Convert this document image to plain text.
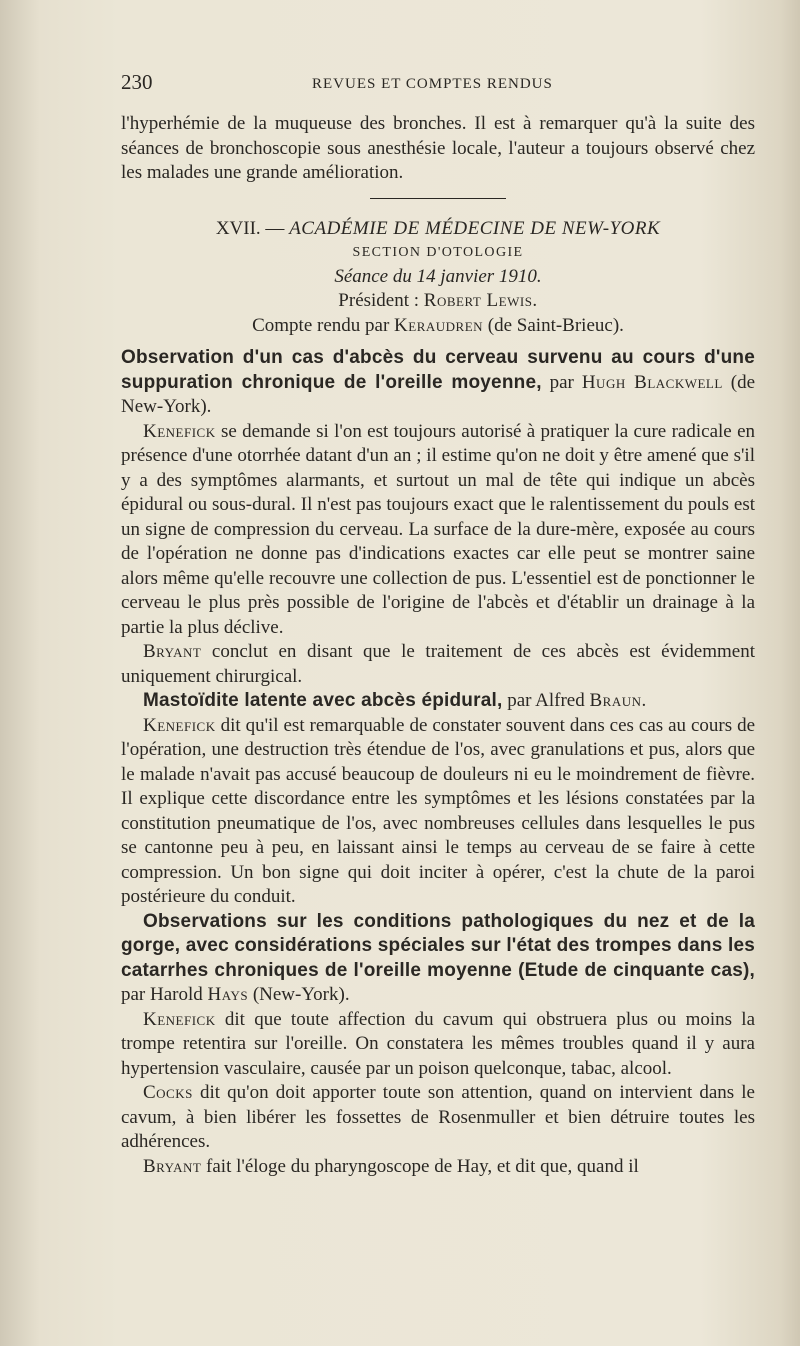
230	REVUES ET COMPTES RENDUS

l'hyperhémie de la muqueuse des bronches. Il est à remarquer qu'à la suite des séances de bronchoscopie sous anesthésie locale, l'auteur a toujours observé chez les malades une grande amélioration.

XVII. — ACADÉMIE DE MÉDECINE DE NEW-YORK
SECTION D'OTOLOGIE
Séance du 14 janvier 1910.
Président : Robert Lewis.
Compte rendu par Keraudren (de Saint-Brieuc).

Observation d'un cas d'abcès du cerveau survenu au cours d'une suppuration chronique de l'oreille moyenne, par Hugh Blackwell (de New-York).

Kenefick se demande si l'on est toujours autorisé à pratiquer la cure radicale en présence d'une otorrhée datant d'un an ; il estime qu'on ne doit y être amené que s'il y a des symptômes alarmants, et surtout un mal de tête qui indique un abcès épidural ou sous-dural. Il n'est pas toujours exact que le ralentissement du pouls est un signe de compression du cerveau. La surface de la dure-mère, exposée au cours de l'opération ne donne pas d'indications exactes car elle peut se montrer saine alors même qu'elle recouvre une collection de pus. L'essentiel est de ponctionner le cerveau le plus près possible de l'origine de l'abcès et d'établir un drainage à la partie la plus déclive.

Bryant conclut en disant que le traitement de ces abcès est évidemment uniquement chirurgical.

Mastoïdite latente avec abcès épidural, par Alfred Braun.

Kenefick dit qu'il est remarquable de constater souvent dans ces cas au cours de l'opération, une destruction très étendue de l'os, avec granulations et pus, alors que le malade n'avait pas accusé beaucoup de douleurs ni eu le moindrement de fièvre. Il explique cette discordance entre les symptômes et les lésions constatées par la constitution pneumatique de l'os, avec nombreuses cellules dans lesquelles le pus se cantonne peu à peu, en laissant ainsi le temps au cerveau de se faire à cette compression. Un bon signe qui doit inciter à opérer, c'est la chute de la paroi postérieure du conduit.

Observations sur les conditions pathologiques du nez et de la gorge, avec considérations spéciales sur l'état des trompes dans les catarrhes chroniques de l'oreille moyenne (Etude de cinquante cas), par Harold Hays (New-York).

Kenefick dit que toute affection du cavum qui obstruera plus ou moins la trompe retentira sur l'oreille. On constatera les mêmes troubles quand il y aura hypertension vasculaire, causée par un poison quelconque, tabac, alcool.

Cocks dit qu'on doit apporter toute son attention, quand on intervient dans le cavum, à bien libérer les fossettes de Rosenmuller et bien détruire toutes les adhérences.

Bryant fait l'éloge du pharyngoscope de Hay, et dit que, quand il
